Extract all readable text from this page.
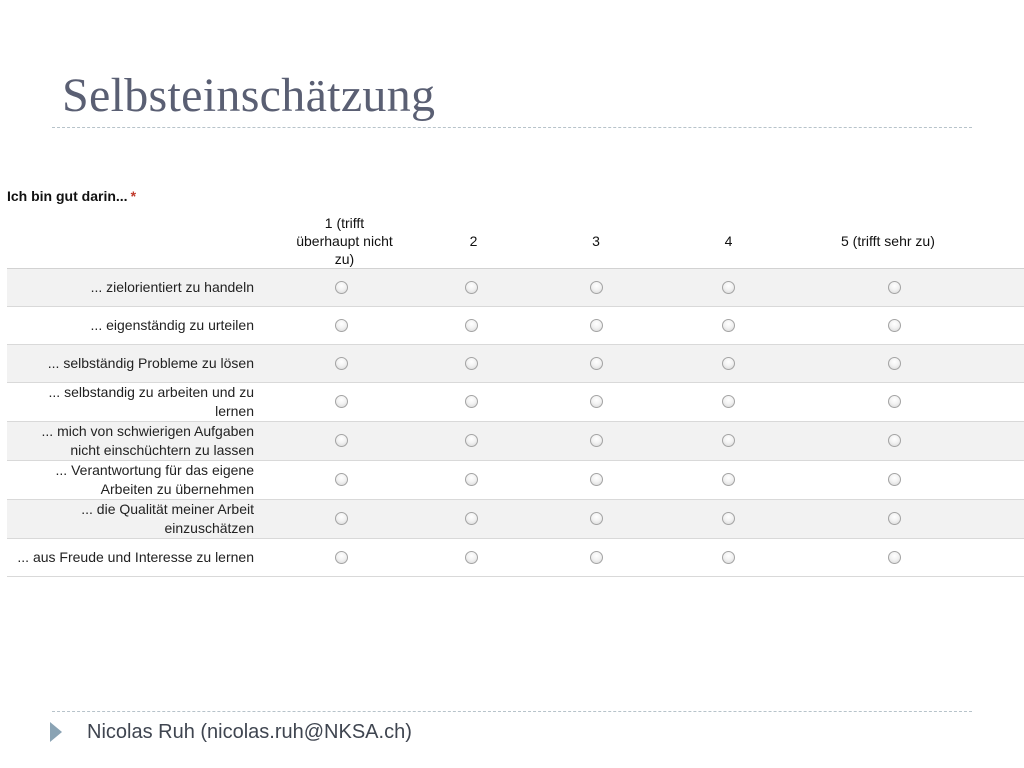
Selbsteinschätzung
Ich bin gut darin... *
	1 (trifft überhaupt nicht zu)	2	3	4	5 (trifft sehr zu)
... zielorientiert zu handeln					
... eigenständig zu urteilen					
... selbständig Probleme zu lösen					
... selbstandig zu arbeiten und zu lernen					
... mich von schwierigen Aufgaben nicht einschüchtern zu lassen					
... Verantwortung für das eigene Arbeiten zu übernehmen					
... die Qualität meiner Arbeit einzuschätzen					
... aus Freude und Interesse zu lernen					
Nicolas Ruh (nicolas.ruh@NKSA.ch)
